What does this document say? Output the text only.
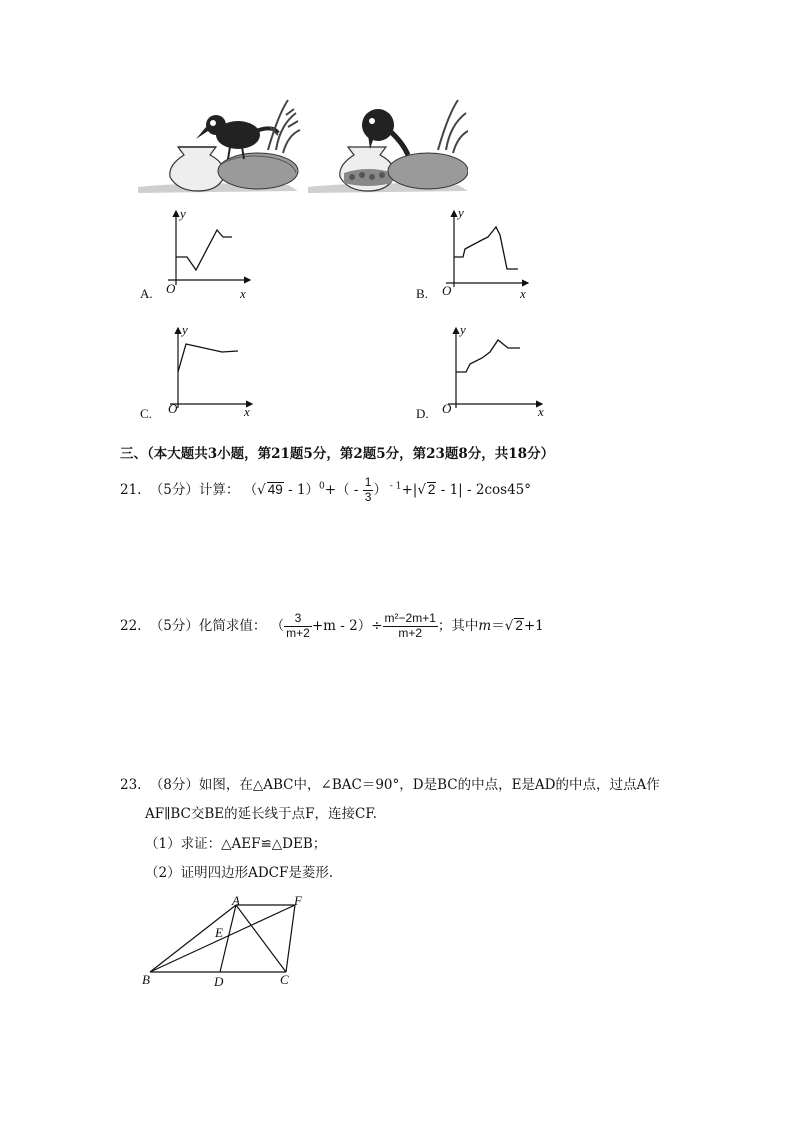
y
O	x
A.
y
O	x
B.
y
O	x
C.
y
O	x
D.
三、（本大题共3小题，第21题5分，第2题5分，第23题8分，共18分）
21. （5分）计算： （√ $49 - 1)^0+( - \frac{1}{3}$ ） $^{- 1}$+|√ 2 - 1| - 2cos45°
22. （5分）化简求值： （ $\frac{3}{m+2} +m - 2)\div \frac{\text{m²−2m+1}}{m+2}$ ；其中m＝√ 2+1
23. （8分）如图，在△ABC中，∠BAC＝90°，D是BC的中点，E是AD的中点，过点A作
AF∥BC交BE的延长线于点F，连接CF.
（1）求证：△AEF≌△DEB；
（2）证明四边形ADCF是菱形.
A	F
E
B	D	C
